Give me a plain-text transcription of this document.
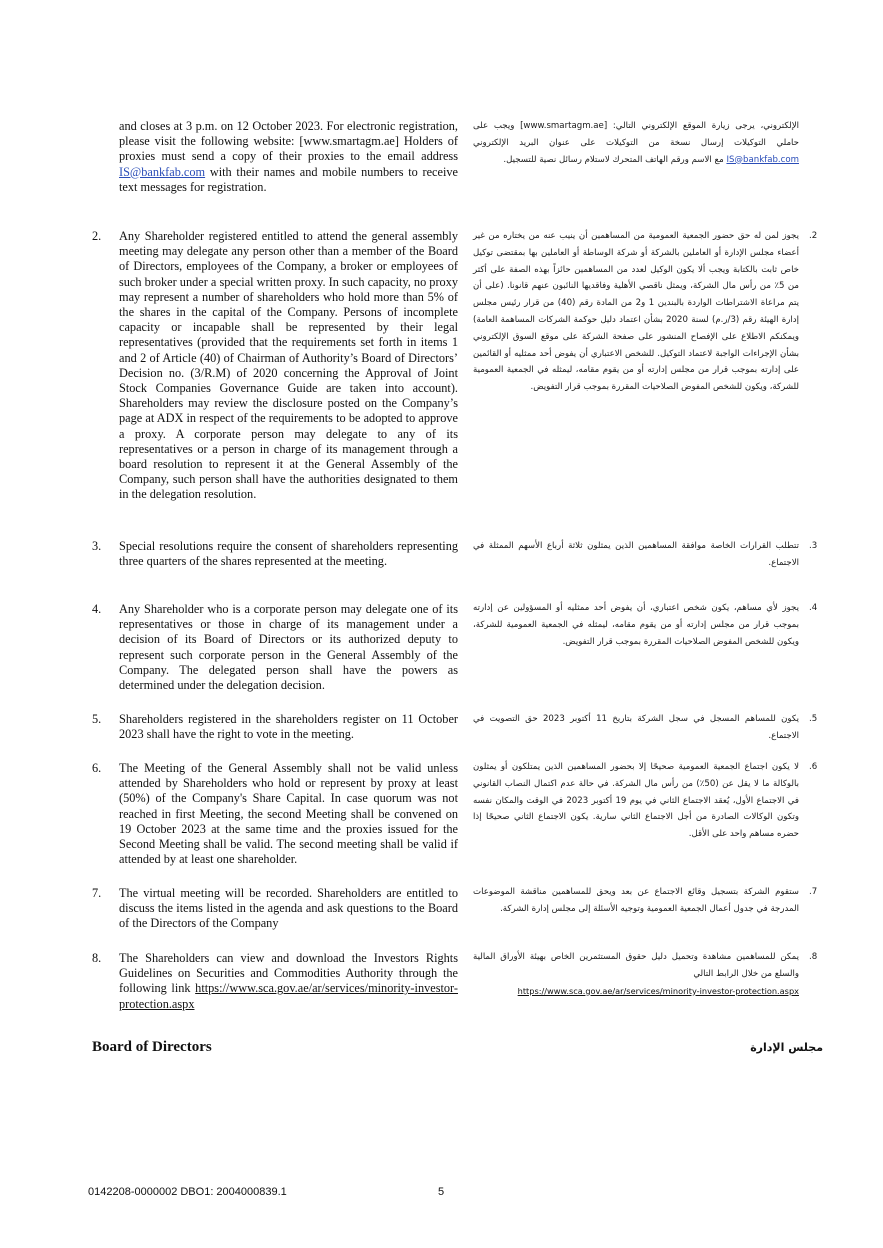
and closes at 3 p.m. on 12 October 2023. For electronic registration, please visit the following website: [www.smartagm.ae] Holders of proxies must send a copy of their proxies to the email address IS@bankfab.com with their names and mobile numbers to receive text messages for registration.
الإلكتروني، يرجى زيارة الموقع الإلكتروني التالي: [www.smartagm.ae] ويجب على حاملي التوكيلات إرسال نسخة من التوكيلات على عنوان البريد الإلكتروني IS@bankfab.com مع الاسم ورقم الهاتف المتحرك لاستلام رسائل نصية للتسجيل.
2.	Any Shareholder registered entitled to attend the general assembly meeting may delegate any person other than a member of the Board of Directors, employees of the Company, a broker or employees of such broker under a special written proxy. In such capacity, no proxy may represent a number of shareholders who hold more than 5% of the shares in the capital of the Company. Persons of incomplete capacity or incapable shall be represented by their legal representatives (provided that the requirements set forth in items 1 and 2 of Article (40) of Chairman of Authority’s Board of Directors’ Decision no. (3/R.M) of 2020 concerning the Approval of Joint Stock Companies Governance Guide are taken into account). Shareholders may review the disclosure posted on the Company’s page at ADX in respect of the requirements to be adopted to approve a proxy. A corporate person may delegate to any of its representatives or a person in charge of its management through a board resolution to represent it at the General Assembly of the Company, such person shall have the authorities designated to them in the delegation resolution.
.2
يجوز لمن له حق حضور الجمعية العمومية من المساهمين أن ينيب عنه من يختاره من غير أعضاء مجلس الإدارة أو العاملين بالشركة أو شركة الوساطة أو العاملين بها بمقتضى توكيل خاص ثابت بالكتابة ويجب ألا يكون الوكيل لعدد من المساهمين حائزاً بهذه الصفة على أكثر من 5٪ من رأس مال الشركة، ويمثل ناقصي الأهلية وفاقديها النائبون عنهم قانونا. (على أن يتم مراعاة الاشتراطات الواردة بالبندين 1 و2 من المادة رقم (40) من قرار رئيس مجلس إدارة الهيئة رقم (3/ر.م) لسنة 2020 بشأن اعتماد دليل حوكمة الشركات المساهمة العامة) ويمكنكم الاطلاع على الإفصاح المنشور على صفحة الشركة على موقع السوق الإلكتروني بشأن الإجراءات الواجبة لاعتماد التوكيل. للشخص الاعتباري أن يفوض أحد ممثليه أو القائمين على إدارته بموجب قرار من مجلس إدارته أو من يقوم مقامه، ليمثله في الجمعية العمومية للشركة، ويكون للشخص المفوض الصلاحيات المقررة بموجب قرار التفويض.
3.	Special resolutions require the consent of shareholders representing three quarters of the shares represented at the meeting.
.3
تتطلب القرارات الخاصة موافقة المساهمين الذين يمثلون ثلاثة أرباع الأسهم الممثلة في الاجتماع.
4.	Any Shareholder who is a corporate person may delegate one of its representatives or those in charge of its management under a decision of its Board of Directors or its authorized deputy to represent such corporate person in the General Assembly of the Company. The delegated person shall have the powers as determined under the delegation decision.
.4
يجوز لأي مساهم، يكون شخص اعتباري، أن يفوض أحد ممثليه أو المسؤولين عن إدارته بموجب قرار من مجلس إدارته أو من يقوم مقامه، ليمثله في الجمعية العمومية للشركة، ويكون للشخص المفوض الصلاحيات المقررة بموجب قرار التفويض.
5.	Shareholders registered in the shareholders register on 11 October 2023 shall have the right to vote in the meeting.
.5
يكون للمساهم المسجل في سجل الشركة بتاريخ 11 أكتوبر 2023 حق التصويت في الاجتماع.
6.	The Meeting of the General Assembly shall not be valid unless attended by Shareholders who hold or represent by proxy at least (50%) of the Company's Share Capital. In case quorum was not reached in first Meeting, the second Meeting shall be convened on 19 October 2023 at the same time and the proxies issued for the Second Meeting shall be valid. The second meeting shall be valid if attended by at least one shareholder.
.6
لا يكون اجتماع الجمعية العمومية صحيحًا إلا بحضور المساهمين الذين يمتلكون أو يمثلون بالوكالة ما لا يقل عن (50٪) من رأس مال الشركة. في حالة عدم اكتمال النصاب القانوني في الاجتماع الأول، يُعقد الاجتماع الثاني في يوم 19 أكتوبر 2023 في الوقت والمكان نفسه وتكون الوكالات الصادرة من أجل الاجتماع الثاني سارية. يكون الاجتماع الثاني صحيحًا إذا حضره مساهم واحد على الأقل.
7.	The virtual meeting will be recorded. Shareholders are entitled to discuss the items listed in the agenda and ask questions to the Board of the Directors of the Company
.7
ستقوم الشركة بتسجيل وقائع الاجتماع عن بعد ويحق للمساهمين مناقشة الموضوعات المدرجة في جدول أعمال الجمعية العمومية وتوجيه الأسئلة إلى مجلس إدارة الشركة.
8.	The Shareholders can view and download the Investors Rights Guidelines on Securities and Commodities Authority through the following link https://www.sca.gov.ae/ar/services/minority-investor-protection.aspx
.8
يمكن للمساهمين مشاهدة وتحميل دليل حقوق المستثمرين الخاص بهيئة الأوراق المالية والسلع من خلال الرابط التالي
https://www.sca.gov.ae/ar/services/minority-investor-protection.aspx
Board of Directors	مجلس الإدارة
0142208-0000002 DBO1: 2004000839.1	5
